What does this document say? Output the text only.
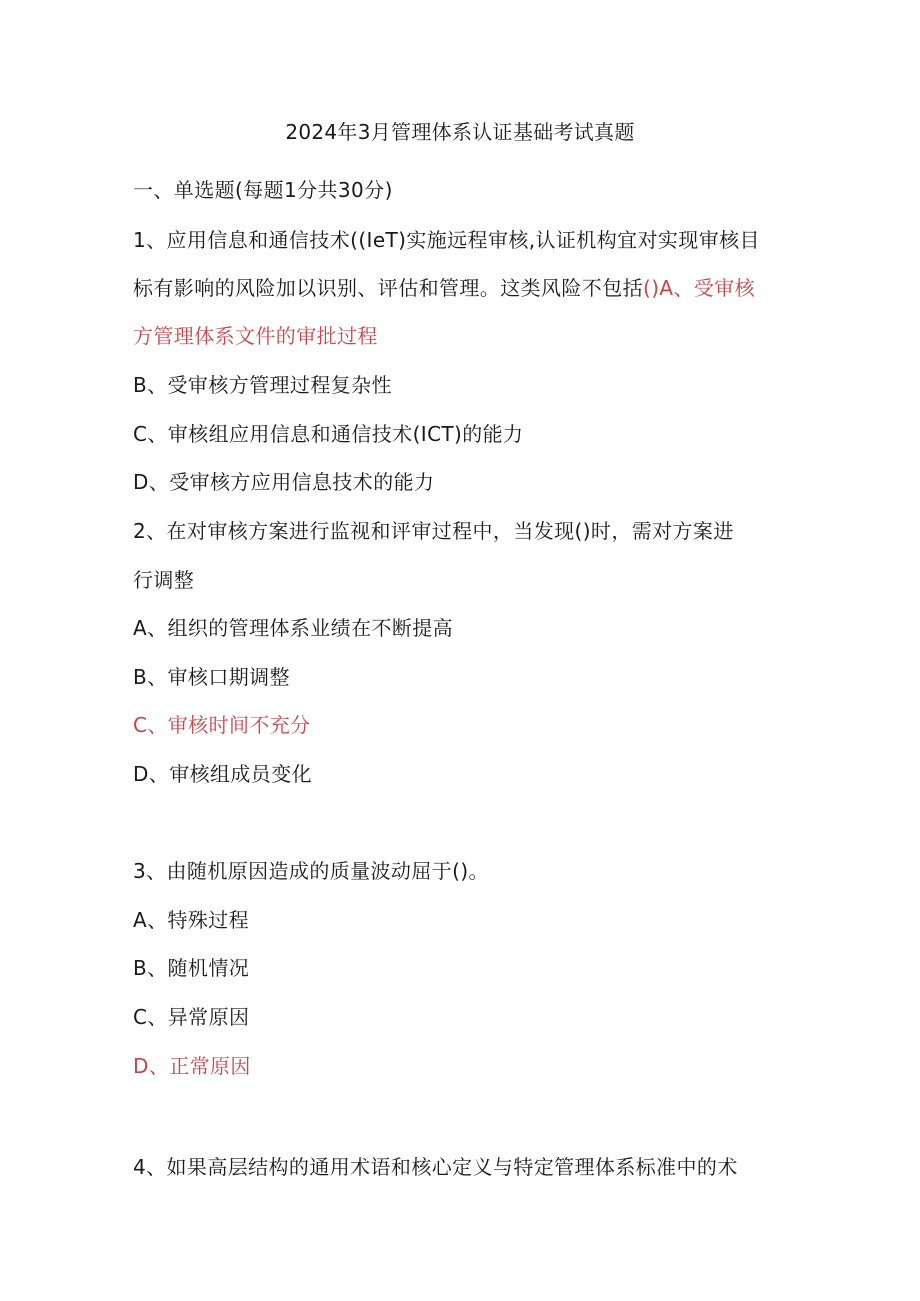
2024年3月管理体系认证基础考试真题
一、单选题(每题1分共30分)
1、应用信息和通信技术((IeT)实施远程审核,认证机构宜对实现审核目
标有影响的风险加以识别、评估和管理。这类风险不包括()A、受审核
方管理体系文件的审批过程
B、受审核方管理过程复杂性
C、审核组应用信息和通信技术(ICT)的能力
D、受审核方应用信息技术的能力
2、在对审核方案进行监视和评审过程中，当发现()时，需对方案进
行调整
A、组织的管理体系业绩在不断提高
B、审核口期调整
C、审核时间不充分
D、审核组成员变化
3、由随机原因造成的质量波动屈于()。
A、特殊过程
B、随机情况
C、异常原因
D、正常原因
4、如果高层结构的通用术语和核心定义与特定管理体系标准中的术
